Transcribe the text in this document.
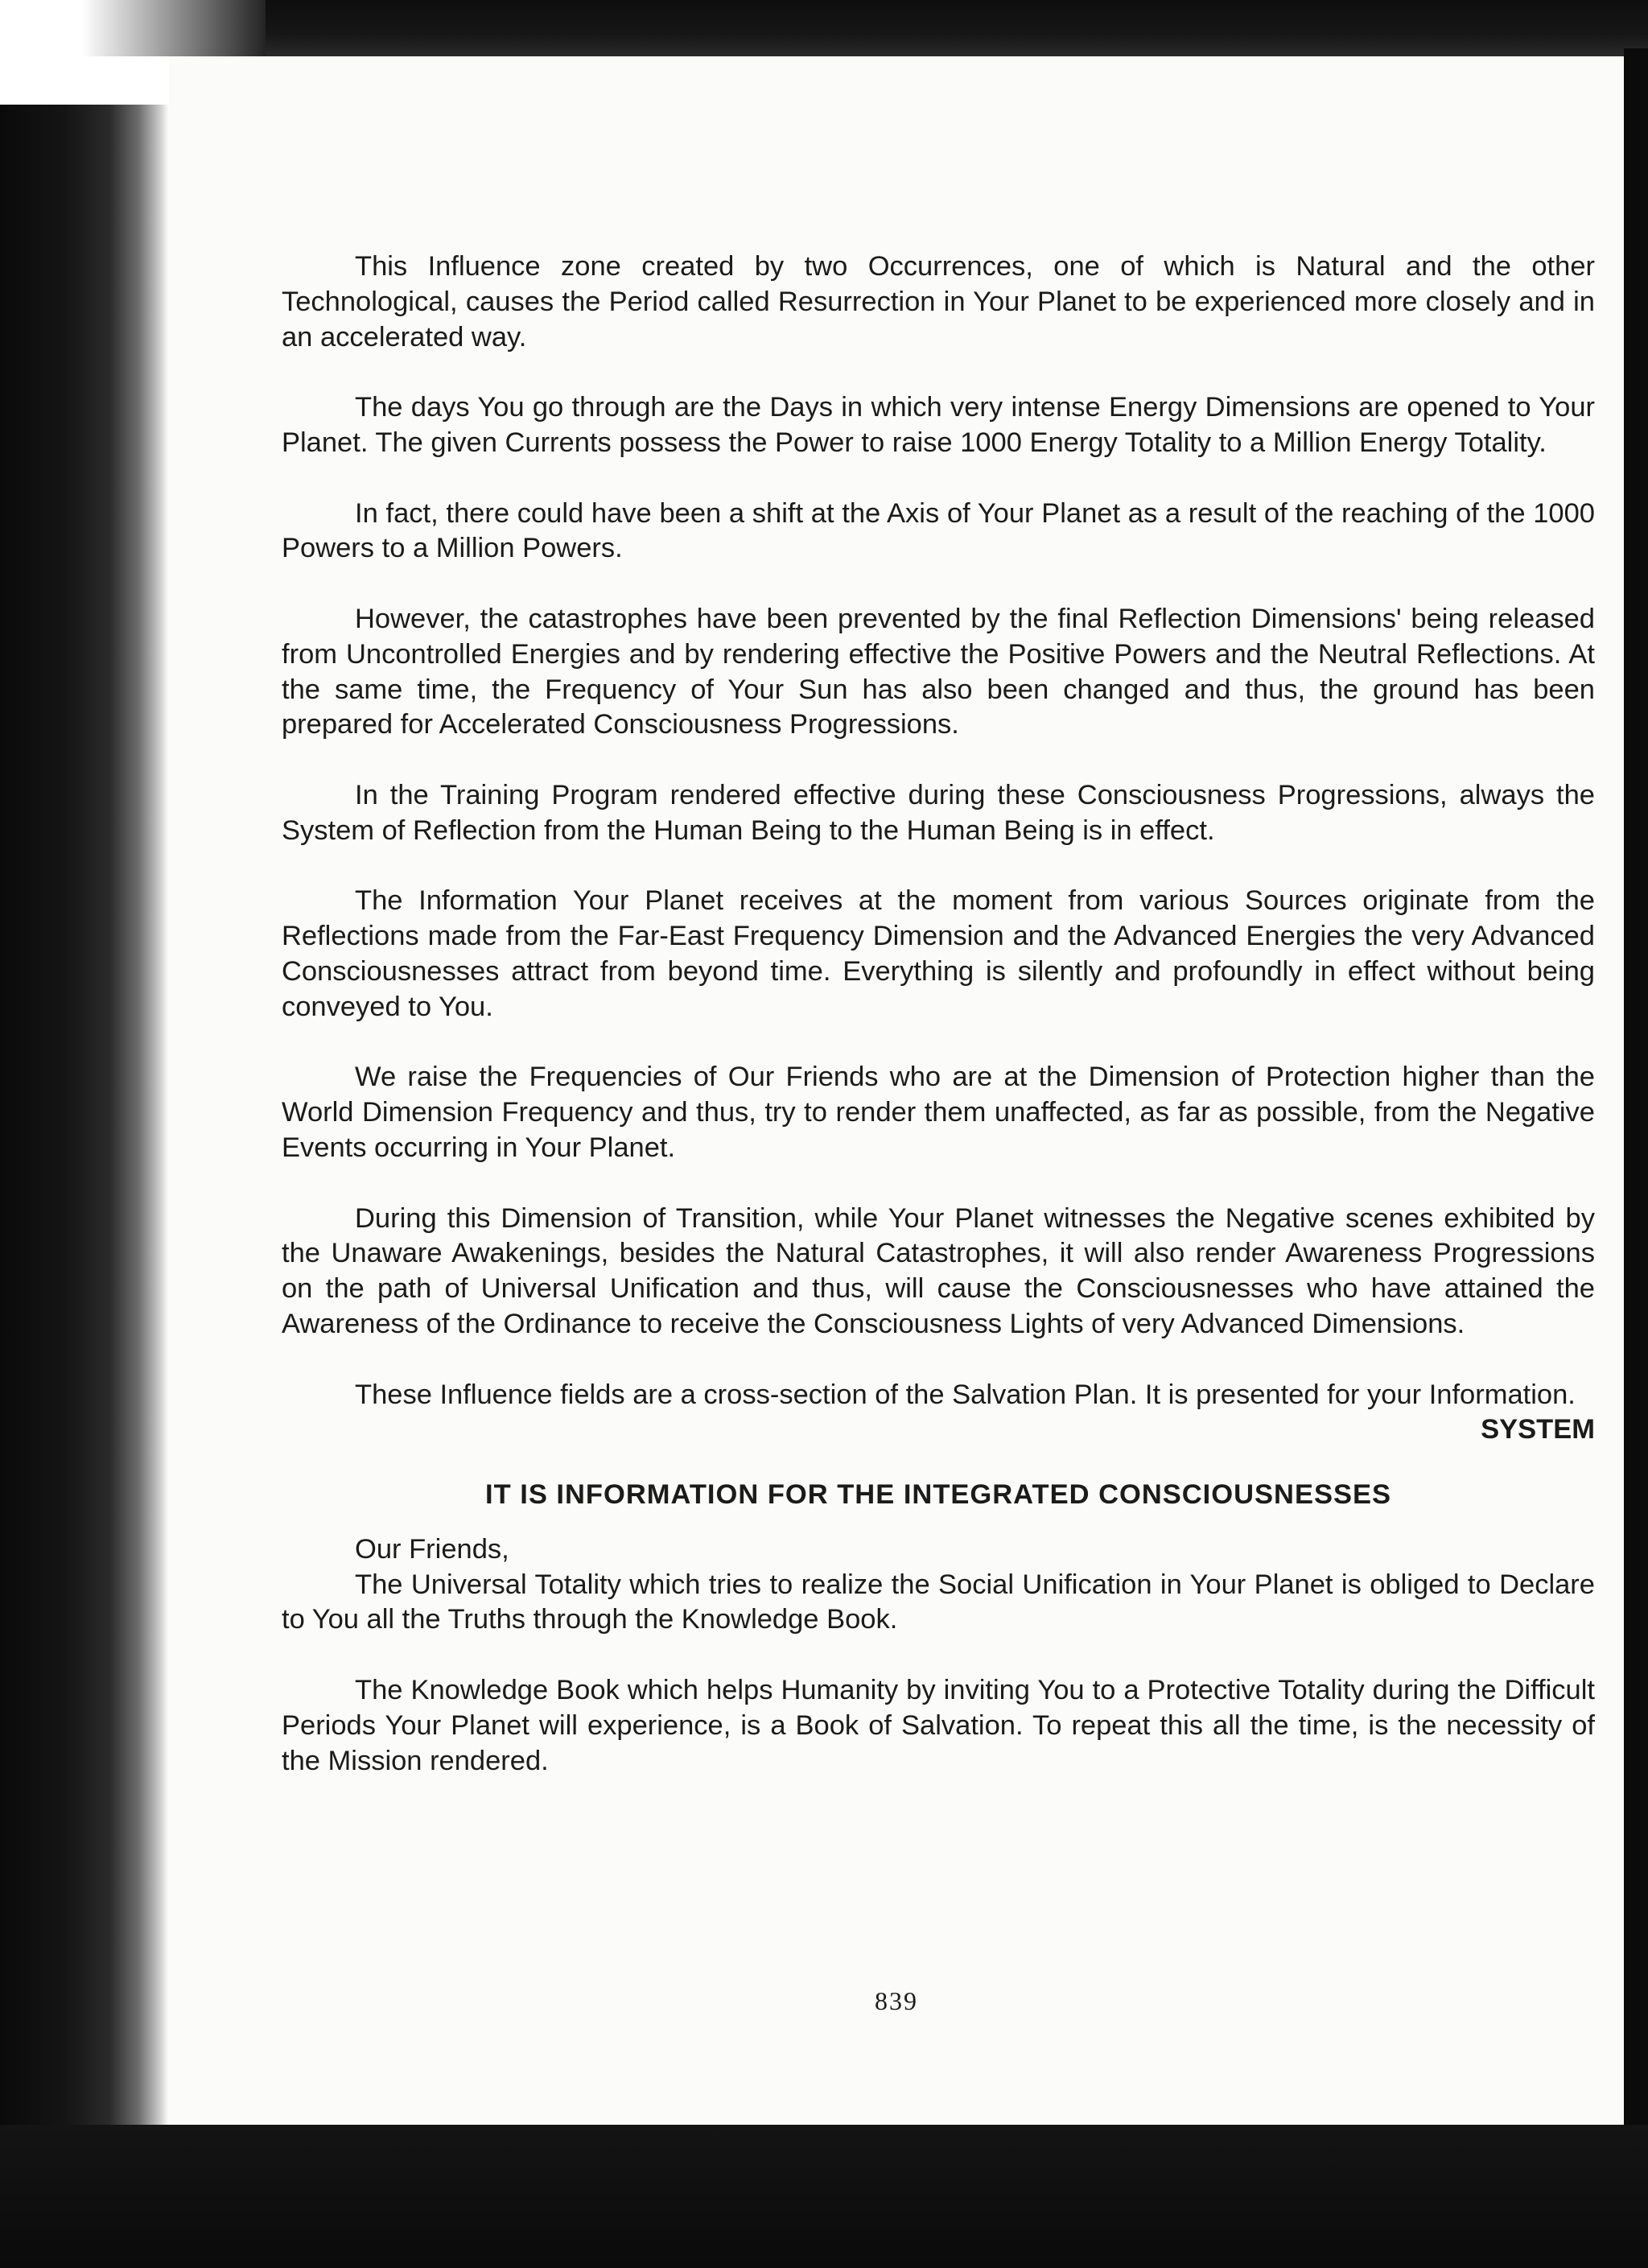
This Influence zone created by two Occurrences, one of which is Natural and the other Technological, causes the Period called Resurrection in Your Planet to be experienced more closely and in an accelerated way.

The days You go through are the Days in which very intense Energy Dimensions are opened to Your Planet. The given Currents possess the Power to raise 1000 Energy Totality to a Million Energy Totality.

In fact, there could have been a shift at the Axis of Your Planet as a result of the reaching of the 1000 Powers to a Million Powers.

However, the catastrophes have been prevented by the final Reflection Dimensions' being released from Uncontrolled Energies and by rendering effective the Positive Powers and the Neutral Reflections. At the same time, the Frequency of Your Sun has also been changed and thus, the ground has been prepared for Accelerated Consciousness Progressions.

In the Training Program rendered effective during these Consciousness Progressions, always the System of Reflection from the Human Being to the Human Being is in effect.

The Information Your Planet receives at the moment from various Sources originate from the Reflections made from the Far-East Frequency Dimension and the Advanced Energies the very Advanced Consciousnesses attract from beyond time. Everything is silently and profoundly in effect without being conveyed to You.

We raise the Frequencies of Our Friends who are at the Dimension of Protection higher than the World Dimension Frequency and thus, try to render them unaffected, as far as possible, from the Negative Events occurring in Your Planet.

During this Dimension of Transition, while Your Planet witnesses the Negative scenes exhibited by the Unaware Awakenings, besides the Natural Catastrophes, it will also render Awareness Progressions on the path of Universal Unification and thus, will cause the Consciousnesses who have attained the Awareness of the Ordinance to receive the Consciousness Lights of very Advanced Dimensions.

These Influence fields are a cross-section of the Salvation Plan. It is presented for your Information.

SYSTEM
IT IS INFORMATION FOR THE INTEGRATED CONSCIOUSNESSES

Our Friends,

The Universal Totality which tries to realize the Social Unification in Your Planet is obliged to Declare to You all the Truths through the Knowledge Book.

The Knowledge Book which helps Humanity by inviting You to a Protective Totality during the Difficult Periods Your Planet will experience, is a Book of Salvation. To repeat this all the time, is the necessity of the Mission rendered.

839
